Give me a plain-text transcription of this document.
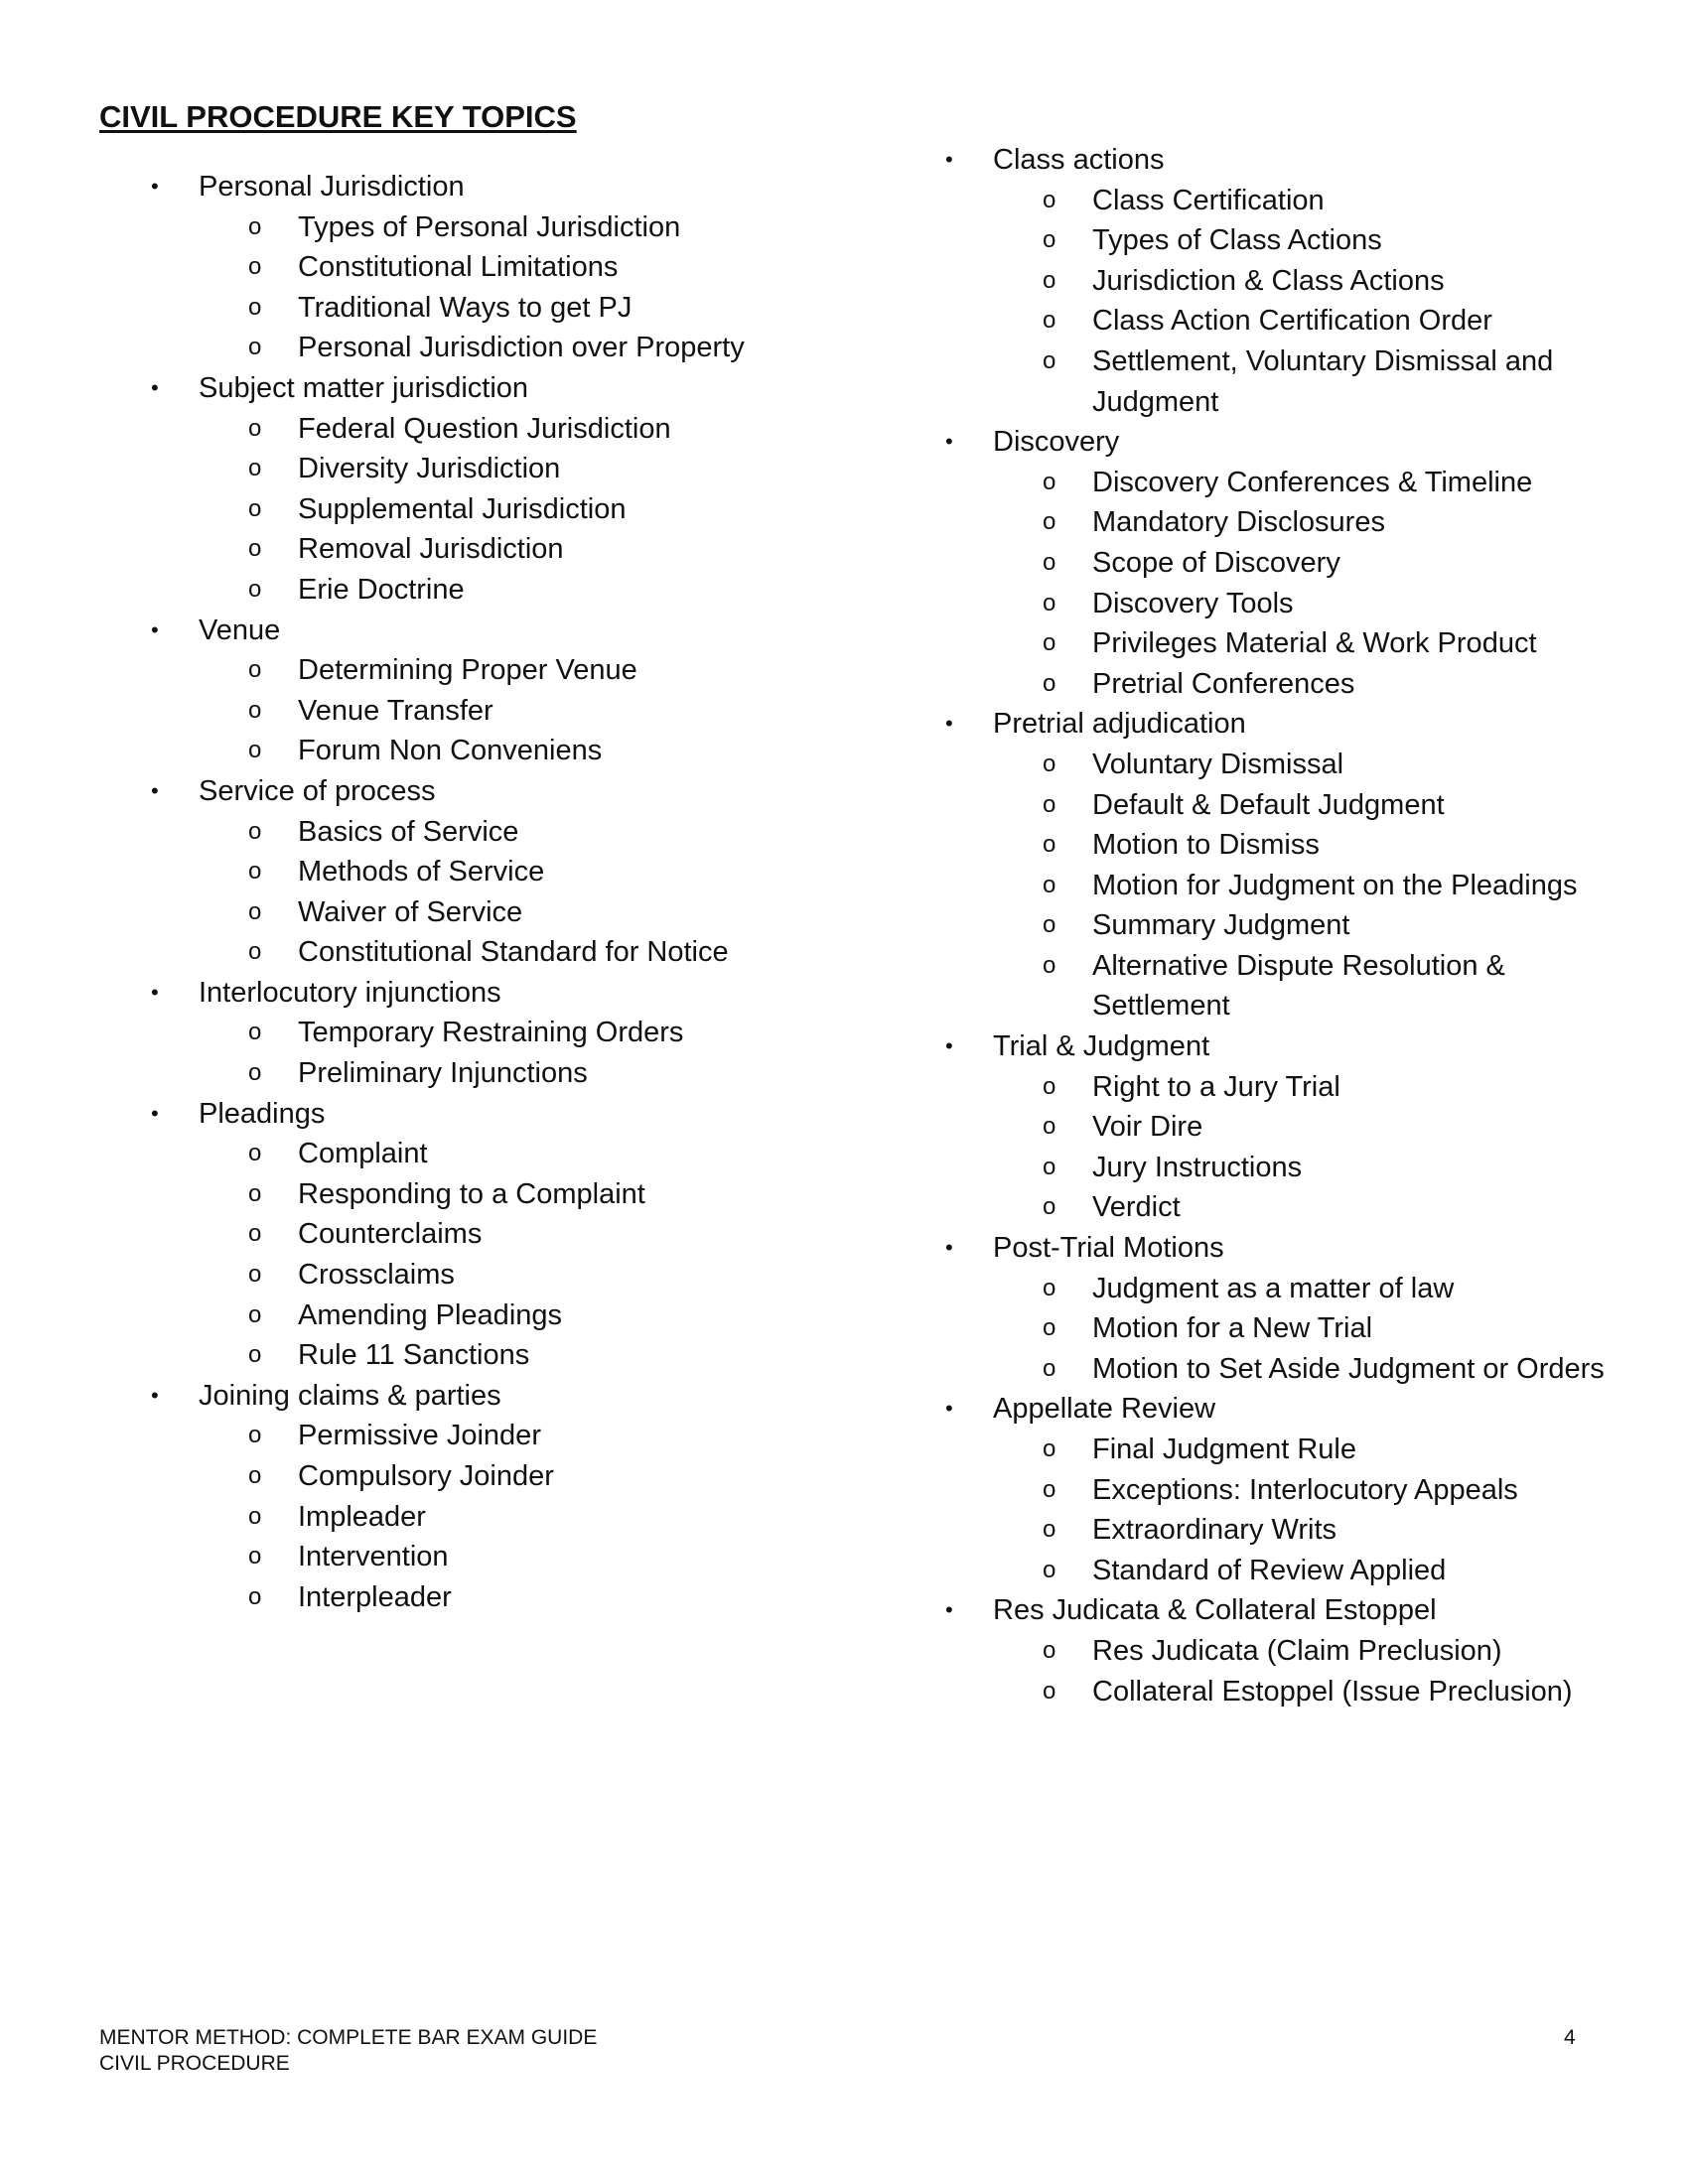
CIVIL PROCEDURE KEY TOPICS
• Personal Jurisdiction
o Types of Personal Jurisdiction
o Constitutional Limitations
o Traditional Ways to get PJ
o Personal Jurisdiction over Property
• Subject matter jurisdiction
o Federal Question Jurisdiction
o Diversity Jurisdiction
o Supplemental Jurisdiction
o Removal Jurisdiction
o Erie Doctrine
• Venue
o Determining Proper Venue
o Venue Transfer
o Forum Non Conveniens
• Service of process
o Basics of Service
o Methods of Service
o Waiver of Service
o Constitutional Standard for Notice
• Interlocutory injunctions
o Temporary Restraining Orders
o Preliminary Injunctions
• Pleadings
o Complaint
o Responding to a Complaint
o Counterclaims
o Crossclaims
o Amending Pleadings
o Rule 11 Sanctions
• Joining claims & parties
o Permissive Joinder
o Compulsory Joinder
o Impleader
o Intervention
o Interpleader
• Class actions
o Class Certification
o Types of Class Actions
o Jurisdiction & Class Actions
o Class Action Certification Order
o Settlement, Voluntary Dismissal and Judgment
• Discovery
o Discovery Conferences & Timeline
o Mandatory Disclosures
o Scope of Discovery
o Discovery Tools
o Privileges Material & Work Product
o Pretrial Conferences
• Pretrial adjudication
o Voluntary Dismissal
o Default & Default Judgment
o Motion to Dismiss
o Motion for Judgment on the Pleadings
o Summary Judgment
o Alternative Dispute Resolution & Settlement
• Trial & Judgment
o Right to a Jury Trial
o Voir Dire
o Jury Instructions
o Verdict
• Post-Trial Motions
o Judgment as a matter of law
o Motion for a New Trial
o Motion to Set Aside Judgment or Orders
• Appellate Review
o Final Judgment Rule
o Exceptions: Interlocutory Appeals
o Extraordinary Writs
o Standard of Review Applied
• Res Judicata & Collateral Estoppel
o Res Judicata (Claim Preclusion)
o Collateral Estoppel (Issue Preclusion)
MENTOR METHOD: COMPLETE BAR EXAM GUIDE
CIVIL PROCEDURE
4
